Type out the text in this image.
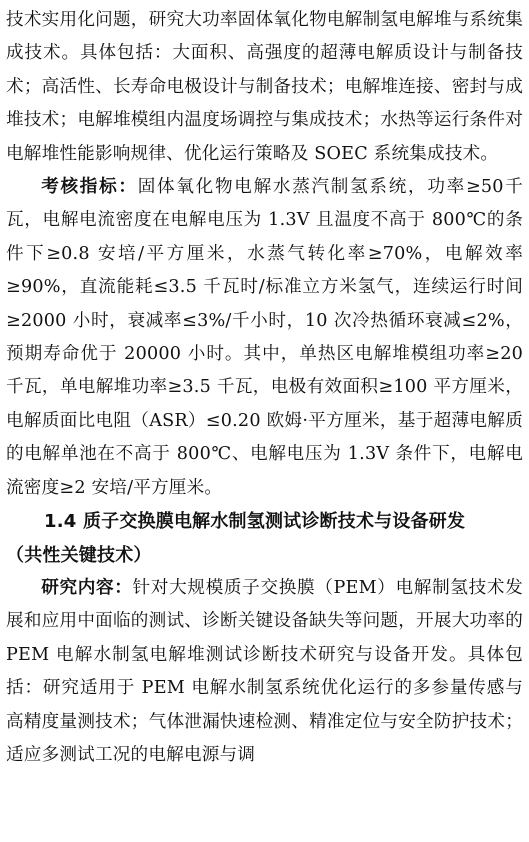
技术实用化问题，研究大功率固体氧化物电解制氢电解堆与系统集成技术。具体包括：大面积、高强度的超薄电解质设计与制备技术；高活性、长寿命电极设计与制备技术；电解堆连接、密封与成堆技术；电解堆模组内温度场调控与集成技术；水热等运行条件对电解堆性能影响规律、优化运行策略及 SOEC 系统集成技术。

考核指标：固体氧化物电解水蒸汽制氢系统，功率≥50千瓦，电解电流密度在电解电压为 1.3V 且温度不高于 800℃的条件下≥0.8 安培/平方厘米，水蒸气转化率≥70%，电解效率≥90%，直流能耗≤3.5 千瓦时/标准立方米氢气，连续运行时间≥2000 小时，衰减率≤3%/千小时，10 次冷热循环衰减≤2%，预期寿命优于 20000 小时。其中，单热区电解堆模组功率≥20 千瓦，单电解堆功率≥3.5 千瓦，电极有效面积≥100 平方厘米，电解质面比电阻（ASR）≤0.20 欧姆·平方厘米，基于超薄电解质的电解单池在不高于 800℃、电解电压为 1.3V 条件下，电解电流密度≥2 安培/平方厘米。

1.4 质子交换膜电解水制氢测试诊断技术与设备研发

（共性关键技术）

研究内容：针对大规模质子交换膜（PEM）电解制氢技术发展和应用中面临的测试、诊断关键设备缺失等问题，开展大功率的 PEM 电解水制氢电解堆测试诊断技术研究与设备开发。具体包括：研究适用于 PEM 电解水制氢系统优化运行的多参量传感与高精度量测技术；气体泄漏快速检测、精准定位与安全防护技术；适应多测试工况的电解电源与调
